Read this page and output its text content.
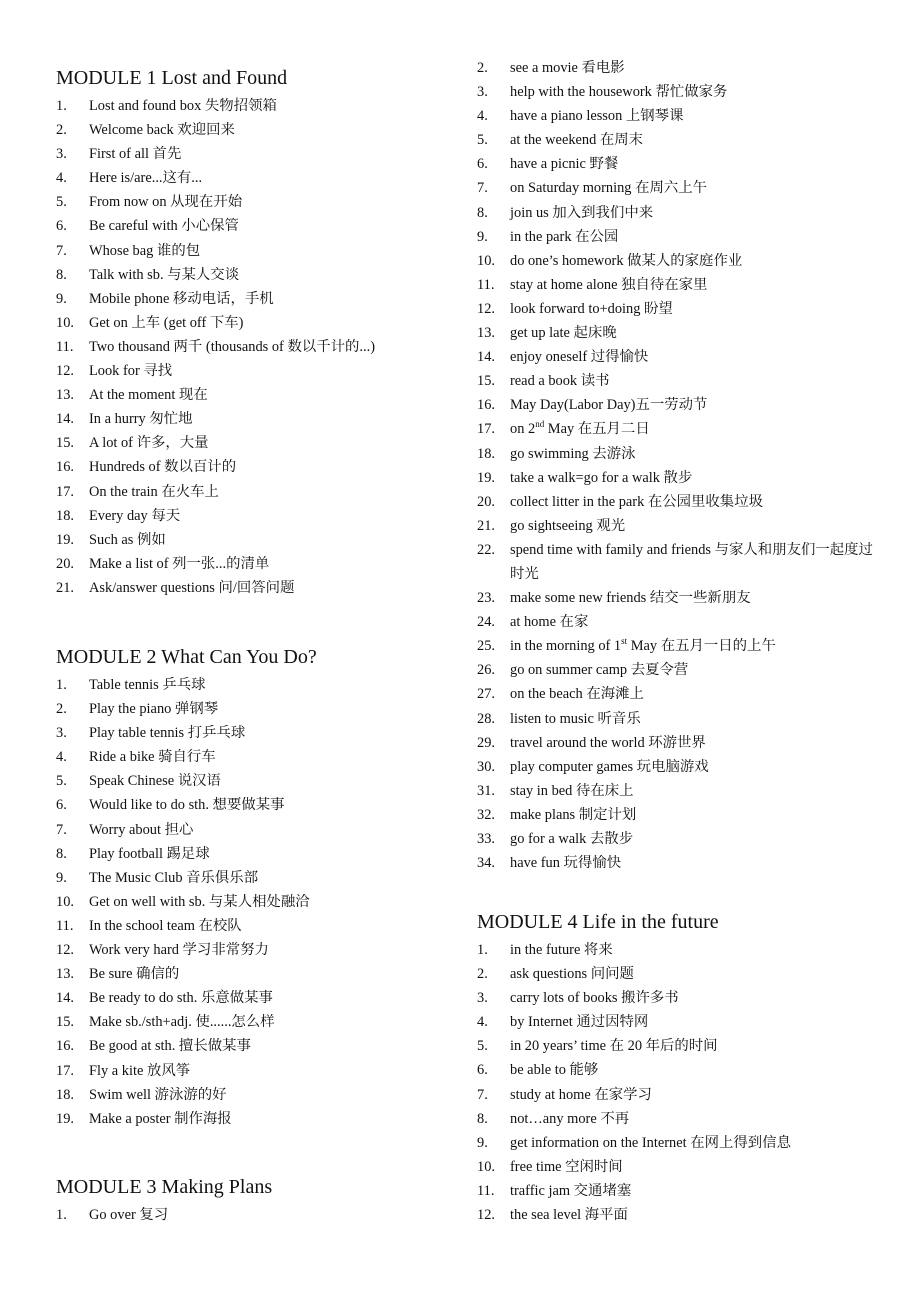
MODULE 1 Lost and Found
1.	Lost and found box 失物招领箱
2.	Welcome back 欢迎回来
3.	First of all 首先
4.	Here is/are...这有...
5.	From now on 从现在开始
6.	Be careful with 小心保管
7.	Whose bag 谁的包
8.	Talk with sb. 与某人交谈
9.	Mobile phone 移动电话，手机
10.	Get on 上车 (get off 下车)
11.	Two thousand 两千 (thousands of 数以千计的...)
12.	Look for 寻找
13.	At the moment 现在
14.	In a hurry 匆忙地
15.	A lot of 许多，大量
16.	Hundreds of 数以百计的
17.	On the train 在火车上
18.	Every day 每天
19.	Such as 例如
20.	Make a list of 列一张...的清单
21.	Ask/answer questions 问/回答问题
MODULE 2 What Can You Do?
1.	Table tennis 乒乓球
2.	Play the piano 弹钢琴
3.	Play table tennis 打乒乓球
4.	Ride a bike 骑自行车
5.	Speak Chinese 说汉语
6.	Would like to do sth. 想要做某事
7.	Worry about 担心
8.	Play football 踢足球
9.	The Music Club 音乐俱乐部
10.	Get on well with sb. 与某人相处融洽
11.	In the school team 在校队
12.	Work very hard 学习非常努力
13.	Be sure 确信的
14.	Be ready to do sth. 乐意做某事
15.	Make sb./sth+adj. 使......怎么样
16.	Be good at sth. 擅长做某事
17.	Fly a kite 放风筝
18.	Swim well 游泳游的好
19.	Make a poster 制作海报
MODULE 3 Making Plans
1.	Go over 复习
2.	see a movie 看电影
3.	help with the housework 帮忙做家务
4.	have a piano lesson 上钢琴课
5.	at the weekend 在周末
6.	have a picnic 野餐
7.	on Saturday morning 在周六上午
8.	join us 加入到我们中来
9.	in the park 在公园
10.	do one’s homework 做某人的家庭作业
11.	stay at home alone 独自待在家里
12.	look forward to+doing 盼望
13.	get up late 起床晚
14.	enjoy oneself 过得愉快
15.	read a book 读书
16.	May Day(Labor Day)五一劳动节
17.	on 2nd May 在五月二日
18.	go swimming 去游泳
19.	take a walk=go for a walk 散步
20.	collect litter in the park 在公园里收集垃圾
21.	go sightseeing 观光
22.	spend time with family and friends 与家人和朋友们一起度过时光
23.	make some new friends 结交一些新朋友
24.	at home 在家
25.	in the morning of 1st May 在五月一日的上午
26.	go on summer camp 去夏令营
27.	on the beach 在海滩上
28.	listen to music 听音乐
29.	travel around the world 环游世界
30.	play computer games 玩电脑游戏
31.	stay in bed 待在床上
32.	make plans 制定计划
33.	go for a walk 去散步
34.	have fun 玩得愉快
MODULE 4 Life in the future
1.	in the future 将来
2.	ask questions 问问题
3.	carry lots of books 搬许多书
4.	by Internet 通过因特网
5.	in 20 years’ time 在 20 年后的时间
6.	be able to 能够
7.	study at home 在家学习
8.	not…any more 不再
9.	get information on the Internet 在网上得到信息
10.	free time 空闲时间
11.	traffic jam 交通堵塞
12.	the sea level 海平面
